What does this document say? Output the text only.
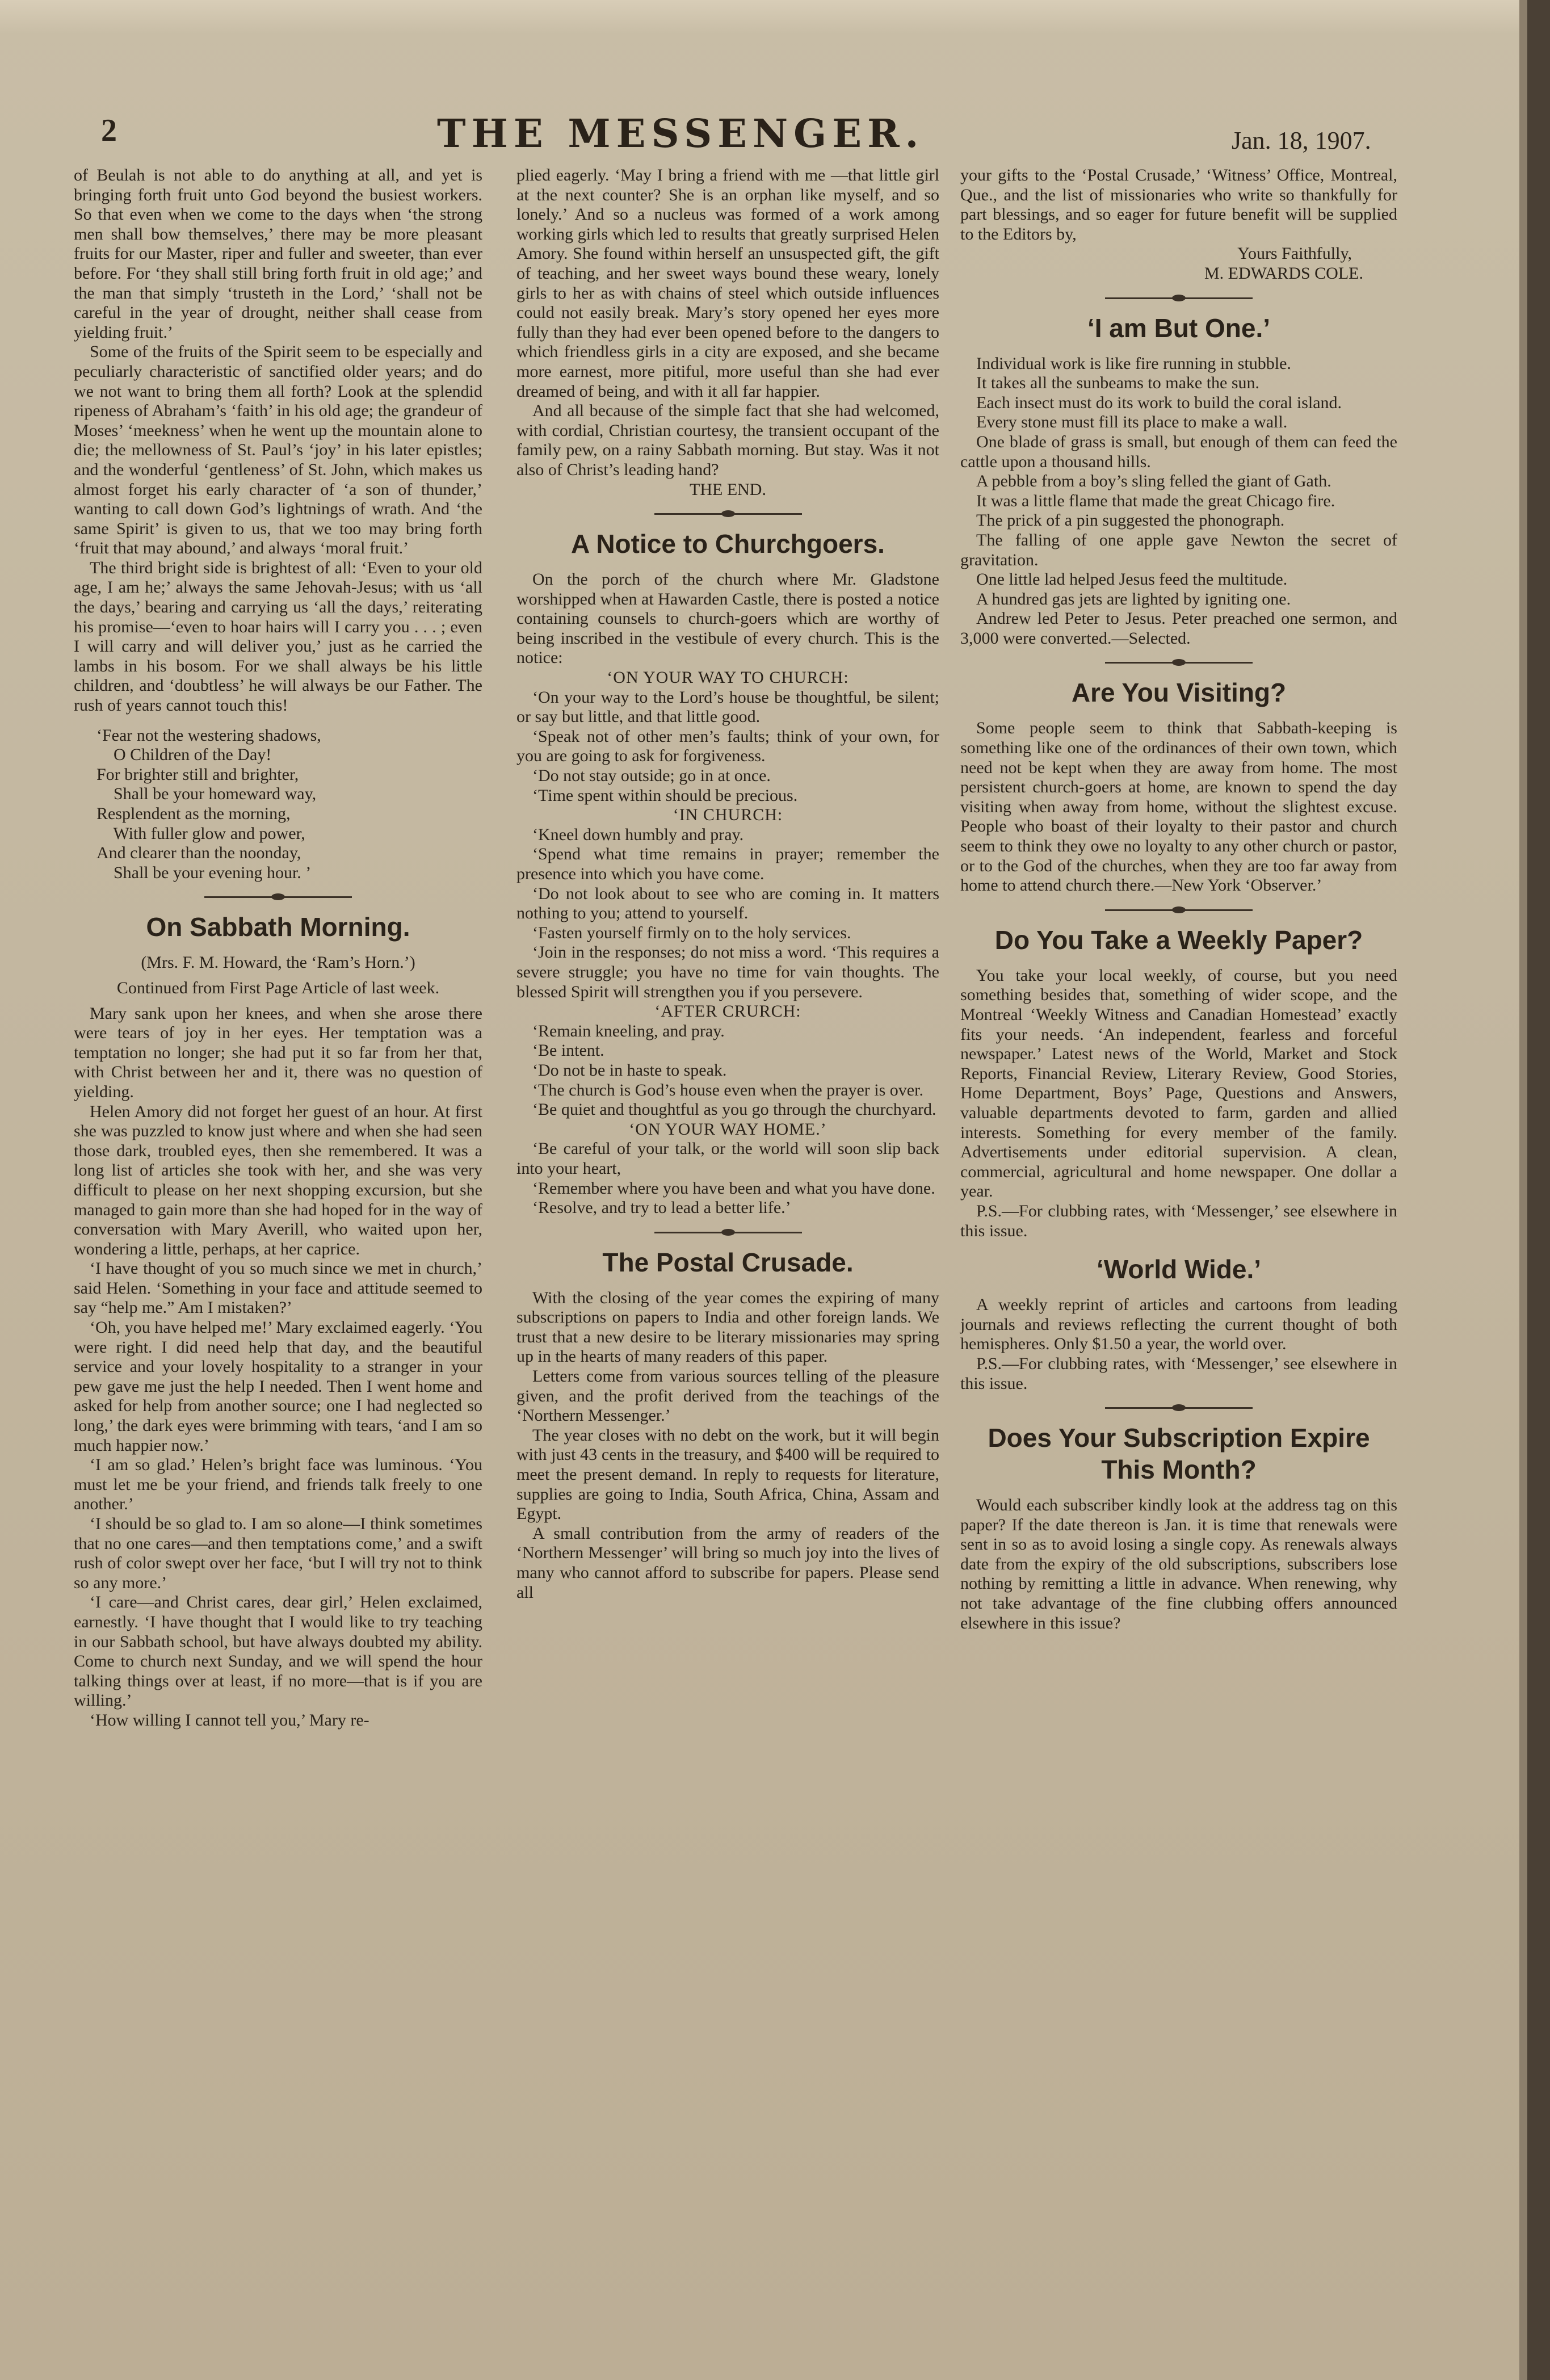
2	THE MESSENGER.	Jan. 18, 1907.

of Beulah is not able to do anything at all, and yet is bringing forth fruit unto God beyond the busiest workers. So that even when we come to the days when ‘the strong men shall bow themselves,’ there may be more pleasant fruits for our Master, riper and fuller and sweeter, than ever before. For ‘they shall still bring forth fruit in old age;’ and the man that simply ‘trusteth in the Lord,’ ‘shall not be careful in the year of drought, neither shall cease from yielding fruit.’

Some of the fruits of the Spirit seem to be especially and peculiarly characteristic of sanctified older years; and do we not want to bring them all forth? Look at the splendid ripeness of Abraham’s ‘faith’ in his old age; the grandeur of Moses’ ‘meekness’ when he went up the mountain alone to die; the mellowness of St. Paul’s ‘joy’ in his later epistles; and the wonderful ‘gentleness’ of St. John, which makes us almost forget his early character of ‘a son of thunder,’ wanting to call down God’s lightnings of wrath. And ‘the same Spirit’ is given to us, that we too may bring forth ‘fruit that may abound,’ and always ‘moral fruit.’

The third bright side is brightest of all: ‘Even to your old age, I am he;’ always the same Jehovah-Jesus; with us ‘all the days,’ bearing and carrying us ‘all the days,’ reiterating his promise—‘even to hoar hairs will I carry you . . . ; even I will carry and will deliver you,’ just as he carried the lambs in his bosom. For we shall always be his little children, and ‘doubtless’ he will always be our Father. The rush of years cannot touch this!

‘Fear not the westering shadows,
O Children of the Day!
For brighter still and brighter,
Shall be your homeward way,
Resplendent as the morning,
With fuller glow and power,
And clearer than the noonday,
Shall be your evening hour. ’
On Sabbath Morning.

(Mrs. F. M. Howard, the ‘Ram’s Horn.’)

Continued from First Page Article of last week.

Mary sank upon her knees, and when she arose there were tears of joy in her eyes. Her temptation was a temptation no longer; she had put it so far from her that, with Christ between her and it, there was no question of yielding.

Helen Amory did not forget her guest of an hour. At first she was puzzled to know just where and when she had seen those dark, troubled eyes, then she remembered. It was a long list of articles she took with her, and she was very difficult to please on her next shopping excursion, but she managed to gain more than she had hoped for in the way of conversation with Mary Averill, who waited upon her, wondering a little, perhaps, at her caprice.

‘I have thought of you so much since we met in church,’ said Helen. ‘Something in your face and attitude seemed to say “help me.” Am I mistaken?’

‘Oh, you have helped me!’ Mary exclaimed eagerly. ‘You were right. I did need help that day, and the beautiful service and your lovely hospitality to a stranger in your pew gave me just the help I needed. Then I went home and asked for help from another source; one I had neglected so long,’ the dark eyes were brimming with tears, ‘and I am so much happier now.’

‘I am so glad.’ Helen’s bright face was luminous. ‘You must let me be your friend, and friends talk freely to one another.’

‘I should be so glad to. I am so alone—I think sometimes that no one cares—and then temptations come,’ and a swift rush of color swept over her face, ‘but I will try not to think so any more.’

‘I care—and Christ cares, dear girl,’ Helen exclaimed, earnestly. ‘I have thought that I would like to try teaching in our Sabbath school, but have always doubted my ability. Come to church next Sunday, and we will spend the hour talking things over at least, if no more—that is if you are willing.’

‘How willing I cannot tell you,’ Mary re-

plied eagerly. ‘May I bring a friend with me —that little girl at the next counter? She is an orphan like myself, and so lonely.’ And so a nucleus was formed of a work among working girls which led to results that greatly surprised Helen Amory. She found within herself an unsuspected gift, the gift of teaching, and her sweet ways bound these weary, lonely girls to her as with chains of steel which outside influences could not easily break. Mary’s story opened her eyes more fully than they had ever been opened before to the dangers to which friendless girls in a city are exposed, and she became more earnest, more pitiful, more useful than she had ever dreamed of being, and with it all far happier.

And all because of the simple fact that she had welcomed, with cordial, Christian courtesy, the transient occupant of the family pew, on a rainy Sabbath morning. But stay. Was it not also of Christ’s leading hand?

THE END.

A Notice to Churchgoers.

On the porch of the church where Mr. Gladstone worshipped when at Hawarden Castle, there is posted a notice containing counsels to church-goers which are worthy of being inscribed in the vestibule of every church. This is the notice:

‘ON YOUR WAY TO CHURCH:

‘On your way to the Lord’s house be thoughtful, be silent; or say but little, and that little good.

‘Speak not of other men’s faults; think of your own, for you are going to ask for forgiveness.

‘Do not stay outside; go in at once.

‘Time spent within should be precious.

‘IN CHURCH:

‘Kneel down humbly and pray.

‘Spend what time remains in prayer; remember the presence into which you have come.

‘Do not look about to see who are coming in. It matters nothing to you; attend to yourself.

‘Fasten yourself firmly on to the holy services.

‘Join in the responses; do not miss a word. ‘This requires a severe struggle; you have no time for vain thoughts. The blessed Spirit will strengthen you if you persevere.

‘AFTER CRURCH:

‘Remain kneeling, and pray.

‘Be intent.

‘Do not be in haste to speak.

‘The church is God’s house even when the prayer is over.

‘Be quiet and thoughtful as you go through the churchyard.

‘ON YOUR WAY HOME.’

‘Be careful of your talk, or the world will soon slip back into your heart,

‘Remember where you have been and what you have done.

‘Resolve, and try to lead a better life.’

The Postal Crusade.

With the closing of the year comes the expiring of many subscriptions on papers to India and other foreign lands. We trust that a new desire to be literary missionaries may spring up in the hearts of many readers of this paper.

Letters come from various sources telling of the pleasure given, and the profit derived from the teachings of the ‘Northern Messenger.’

The year closes with no debt on the work, but it will begin with just 43 cents in the treasury, and $400 will be required to meet the present demand. In reply to requests for literature, supplies are going to India, South Africa, China, Assam and Egypt.

A small contribution from the army of readers of the ‘Northern Messenger’ will bring so much joy into the lives of many who cannot afford to subscribe for papers. Please send all

your gifts to the ‘Postal Crusade,’ ‘Witness’ Office, Montreal, Que., and the list of missionaries who write so thankfully for part blessings, and so eager for future benefit will be supplied to the Editors by,

Yours Faithfully,

M. EDWARDS COLE.

‘I am But One.’

Individual work is like fire running in stubble.

It takes all the sunbeams to make the sun.

Each insect must do its work to build the coral island.

Every stone must fill its place to make a wall.

One blade of grass is small, but enough of them can feed the cattle upon a thousand hills.

A pebble from a boy’s sling felled the giant of Gath.

It was a little flame that made the great Chicago fire.

The prick of a pin suggested the phonograph.

The falling of one apple gave Newton the secret of gravitation.

One little lad helped Jesus feed the multitude.

A hundred gas jets are lighted by igniting one.

Andrew led Peter to Jesus. Peter preached one sermon, and 3,000 were converted.—Selected.

Are You Visiting?

Some people seem to think that Sabbath-keeping is something like one of the ordinances of their own town, which need not be kept when they are away from home. The most persistent church-goers at home, are known to spend the day visiting when away from home, without the slightest excuse. People who boast of their loyalty to their pastor and church seem to think they owe no loyalty to any other church or pastor, or to the God of the churches, when they are too far away from home to attend church there.—New York ‘Observer.’

Do You Take a Weekly Paper?

You take your local weekly, of course, but you need something besides that, something of wider scope, and the Montreal ‘Weekly Witness and Canadian Homestead’ exactly fits your needs. ‘An independent, fearless and forceful newspaper.’ Latest news of the World, Market and Stock Reports, Financial Review, Literary Review, Good Stories, Home Department, Boys’ Page, Questions and Answers, valuable departments devoted to farm, garden and allied interests. Something for every member of the family. Advertisements under editorial supervision. A clean, commercial, agricultural and home newspaper. One dollar a year.

P.S.—For clubbing rates, with ‘Messenger,’ see elsewhere in this issue.

‘World Wide.’

A weekly reprint of articles and cartoons from leading journals and reviews reflecting the current thought of both hemispheres. Only $1.50 a year, the world over.

P.S.—For clubbing rates, with ‘Messenger,’ see elsewhere in this issue.

Does Your Subscription Expire This Month?

Would each subscriber kindly look at the address tag on this paper? If the date thereon is Jan. it is time that renewals were sent in so as to avoid losing a single copy. As renewals always date from the expiry of the old subscriptions, subscribers lose nothing by remitting a little in advance. When renewing, why not take advantage of the fine clubbing offers announced elsewhere in this issue?
